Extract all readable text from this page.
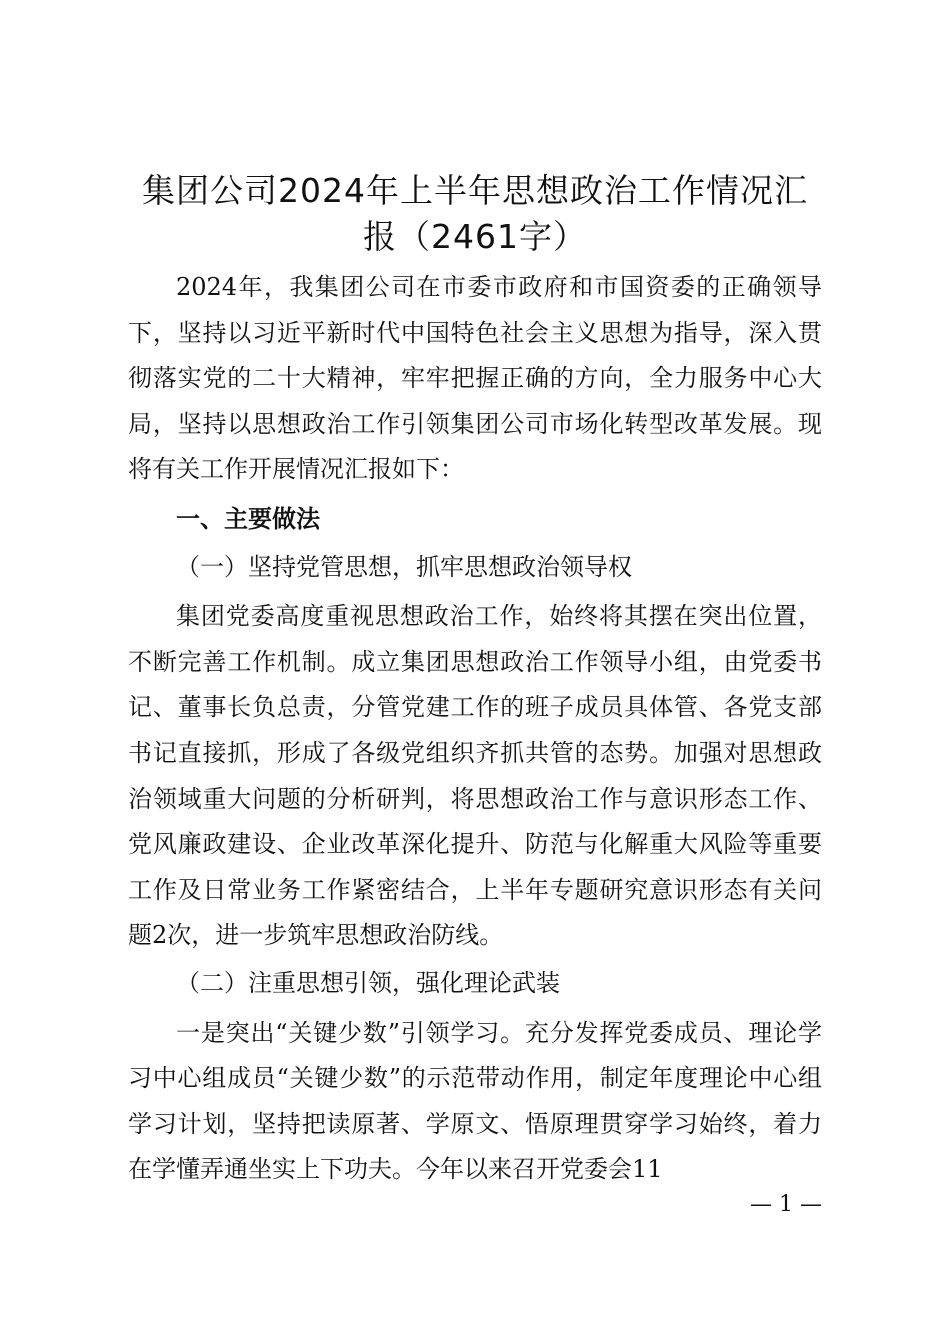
集团公司2024年上半年思想政治工作情况汇报（2461字）

2024年，我集团公司在市委市政府和市国资委的正确领导下，坚持以习近平新时代中国特色社会主义思想为指导，深入贯彻落实党的二十大精神，牢牢把握正确的方向，全力服务中心大局，坚持以思想政治工作引领集团公司市场化转型改革发展。现将有关工作开展情况汇报如下：

一、主要做法

（一）坚持党管思想，抓牢思想政治领导权

集团党委高度重视思想政治工作，始终将其摆在突出位置，不断完善工作机制。成立集团思想政治工作领导小组，由党委书记、董事长负总责，分管党建工作的班子成员具体管、各党支部书记直接抓，形成了各级党组织齐抓共管的态势。加强对思想政治领域重大问题的分析研判，将思想政治工作与意识形态工作、党风廉政建设、企业改革深化提升、防范与化解重大风险等重要工作及日常业务工作紧密结合，上半年专题研究意识形态有关问题2次，进一步筑牢思想政治防线。

（二）注重思想引领，强化理论武装

一是突出“关键少数”引领学习。充分发挥党委成员、理论学习中心组成员“关键少数”的示范带动作用，制定年度理论中心组学习计划，坚持把读原著、学原文、悟原理贯穿学习始终，着力在学懂弄通坐实上下功夫。今年以来召开党委会11

— 1 —
